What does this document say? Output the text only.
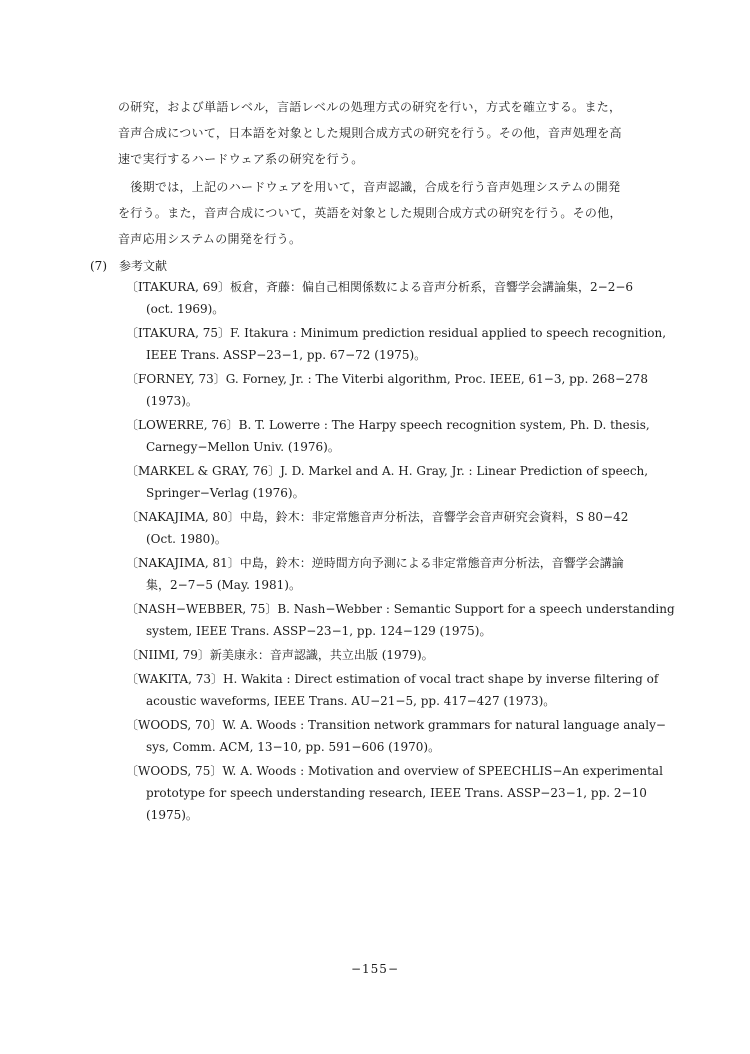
の研究，および単語レベル，言語レベルの処理方式の研究を行い，方式を確立する。また，
音声合成について，日本語を対象とした規則合成方式の研究を行う。その他，音声処理を高
速で実行するハードウェア系の研究を行う。
　後期では，上記のハードウェアを用いて，音声認識，合成を行う音声処理システムの開発
を行う。また，音声合成について，英語を対象とした規則合成方式の研究を行う。その他，
音声応用システムの開発を行う。
(7)　参考文献
〔ITAKURA, 69〕板倉，斉藤：偏自己相関係数による音声分析系，音響学会講論集，2−2−6
(oct. 1969)。
〔ITAKURA, 75〕F. Itakura : Minimum prediction residual applied to speech recognition,
IEEE Trans. ASSP−23−1, pp. 67−72 (1975)。
〔FORNEY, 73〕G. Forney, Jr. : The Viterbi algorithm, Proc. IEEE, 61−3, pp. 268−278
(1973)。
〔LOWERRE, 76〕B. T. Lowerre : The Harpy speech recognition system, Ph. D. thesis,
Carnegy−Mellon Univ. (1976)。
〔MARKEL & GRAY, 76〕J. D. Markel and A. H. Gray, Jr. : Linear Prediction of speech,
Springer−Verlag (1976)。
〔NAKAJIMA, 80〕中島，鈴木：非定常態音声分析法，音響学会音声研究会資料，S 80−42
(Oct. 1980)。
〔NAKAJIMA, 81〕中島，鈴木：逆時間方向予測による非定常態音声分析法，音響学会講論
集，2−7−5 (May. 1981)。
〔NASH−WEBBER, 75〕B. Nash−Webber : Semantic Support for a speech understanding
system, IEEE Trans. ASSP−23−1, pp. 124−129 (1975)。
〔NIIMI, 79〕新美康永：音声認識，共立出版 (1979)。
〔WAKITA, 73〕H. Wakita : Direct estimation of vocal tract shape by inverse filtering of
acoustic waveforms, IEEE Trans. AU−21−5, pp. 417−427 (1973)。
〔WOODS, 70〕W. A. Woods : Transition network grammars for natural language analy−
sys, Comm. ACM, 13−10, pp. 591−606 (1970)。
〔WOODS, 75〕W. A. Woods : Motivation and overview of SPEECHLIS−An experimental
prototype for speech understanding research, IEEE Trans. ASSP−23−1, pp. 2−10
(1975)。
−155−
